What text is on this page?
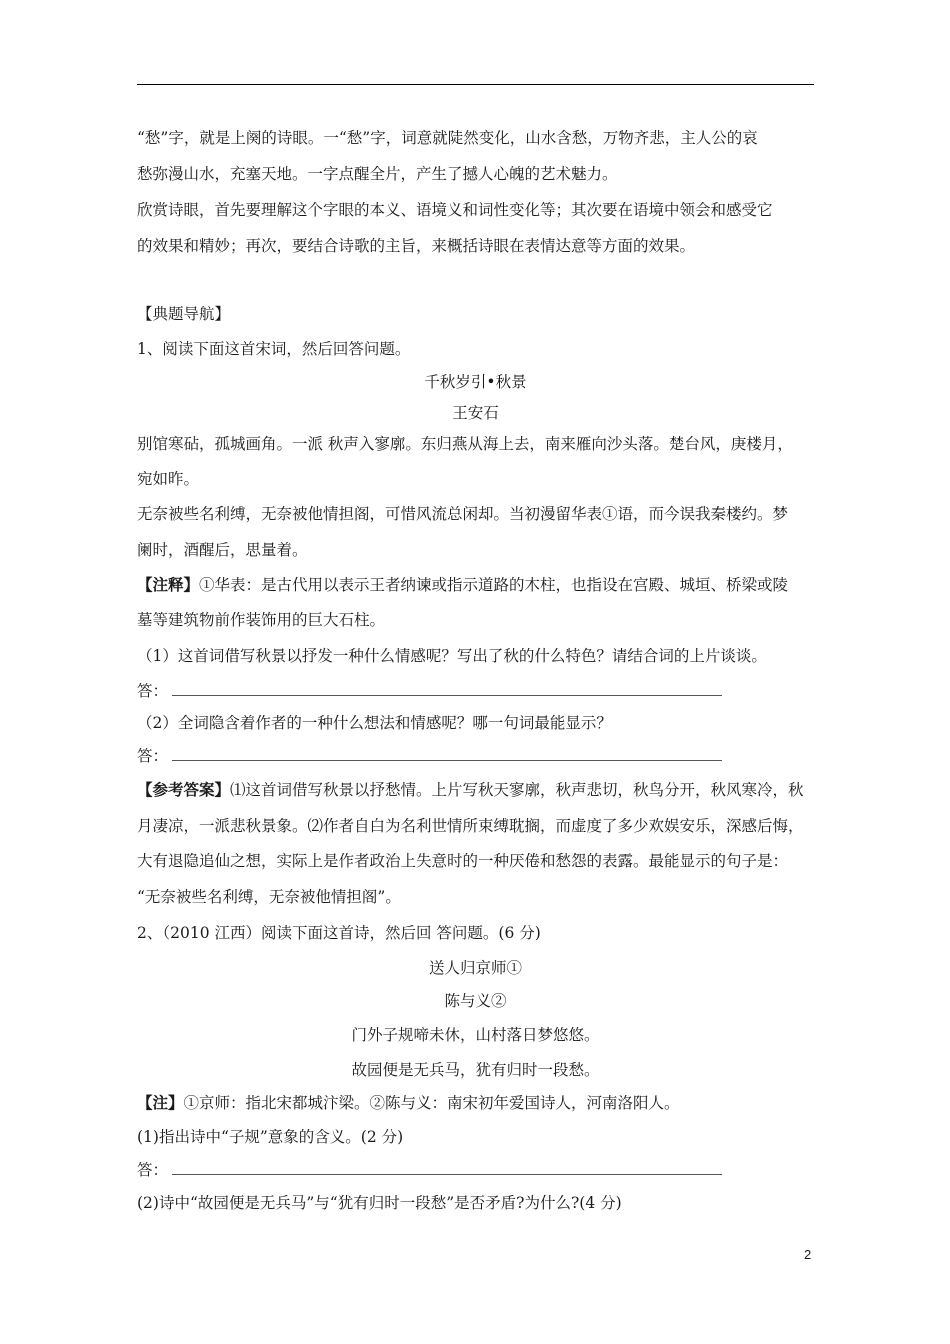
“愁”字，就是上阕的诗眼。一“愁”字，词意就陡然变化，山水含愁，万物齐悲，主人公的哀
愁弥漫山水，充塞天地。一字点醒全片，产生了撼人心魄的艺术魅力。
欣赏诗眼，首先要理解这个字眼的本义、语境义和词性变化等；其次要在语境中领会和感受它
的效果和精妙；再次，要结合诗歌的主旨，来概括诗眼在表情达意等方面的效果。
【典题导航】
1、阅读下面这首宋词，然后回答问题。
千秋岁引•秋景
王安石
别馆寒砧，孤城画角。一派 秋声入寥廓。东归燕从海上去，南来雁向沙头落。楚台风，庚楼月，
宛如昨。
无奈被些名利缚，无奈被他情担阁，可惜风流总闲却。当初漫留华表①语，而今误我秦楼约。梦
阑时，酒醒后，思量着。
【注释】①华表：是古代用以表示王者纳谏或指示道路的木柱，也指设在宫殿、城垣、桥梁或陵
墓等建筑物前作装饰用的巨大石柱。
（1）这首词借写秋景以抒发一种什么情感呢？写出了秋的什么特色？请结合词的上片谈谈。
答：
（2）全词隐含着作者的一种什么想法和情感呢？哪一句词最能显示？
答：
【参考答案】⑴这首词借写秋景以抒愁情。上片写秋天寥廓，秋声悲切，秋鸟分开，秋风寒冷，秋
月凄凉，一派悲秋景象。⑵作者自白为名利世情所束缚耽搁，而虚度了多少欢娱安乐，深感后悔，
大有退隐追仙之想，实际上是作者政治上失意时的一种厌倦和愁怨的表露。最能显示的句子是：
“无奈被些名利缚，无奈被他情担阁”。
2、（2010 江西）阅读下面这首诗，然后回 答问题。(6 分)
送人归京师①
陈与义②
门外子规啼未休，山村落日梦悠悠。
故园便是无兵马，犹有归时一段愁。
【注】①京师：指北宋都城汴梁。②陈与义：南宋初年爱国诗人，河南洛阳人。
(1)指出诗中“子规”意象的含义。(2 分)
答：
(2)诗中“故园便是无兵马”与“犹有归时一段愁”是否矛盾?为什么?(4 分)
2
